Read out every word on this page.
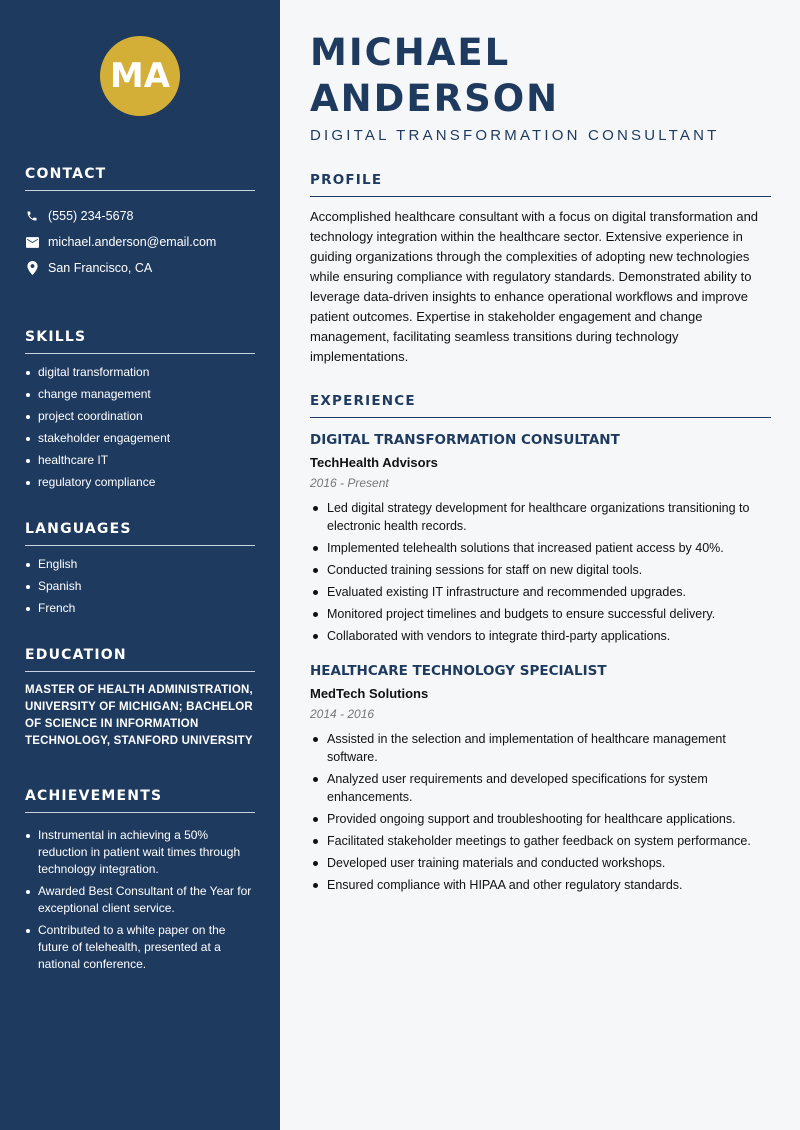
MA
CONTACT
(555) 234-5678
michael.anderson@email.com
San Francisco, CA
SKILLS
digital transformation
change management
project coordination
stakeholder engagement
healthcare IT
regulatory compliance
LANGUAGES
English
Spanish
French
EDUCATION
MASTER OF HEALTH ADMINISTRATION, UNIVERSITY OF MICHIGAN; BACHELOR OF SCIENCE IN INFORMATION TECHNOLOGY, STANFORD UNIVERSITY
ACHIEVEMENTS
Instrumental in achieving a 50% reduction in patient wait times through technology integration.
Awarded Best Consultant of the Year for exceptional client service.
Contributed to a white paper on the future of telehealth, presented at a national conference.
MICHAEL ANDERSON
DIGITAL TRANSFORMATION CONSULTANT
PROFILE
Accomplished healthcare consultant with a focus on digital transformation and technology integration within the healthcare sector. Extensive experience in guiding organizations through the complexities of adopting new technologies while ensuring compliance with regulatory standards. Demonstrated ability to leverage data-driven insights to enhance operational workflows and improve patient outcomes. Expertise in stakeholder engagement and change management, facilitating seamless transitions during technology implementations.
EXPERIENCE
DIGITAL TRANSFORMATION CONSULTANT
TechHealth Advisors
2016 - Present
Led digital strategy development for healthcare organizations transitioning to electronic health records.
Implemented telehealth solutions that increased patient access by 40%.
Conducted training sessions for staff on new digital tools.
Evaluated existing IT infrastructure and recommended upgrades.
Monitored project timelines and budgets to ensure successful delivery.
Collaborated with vendors to integrate third-party applications.
HEALTHCARE TECHNOLOGY SPECIALIST
MedTech Solutions
2014 - 2016
Assisted in the selection and implementation of healthcare management software.
Analyzed user requirements and developed specifications for system enhancements.
Provided ongoing support and troubleshooting for healthcare applications.
Facilitated stakeholder meetings to gather feedback on system performance.
Developed user training materials and conducted workshops.
Ensured compliance with HIPAA and other regulatory standards.
